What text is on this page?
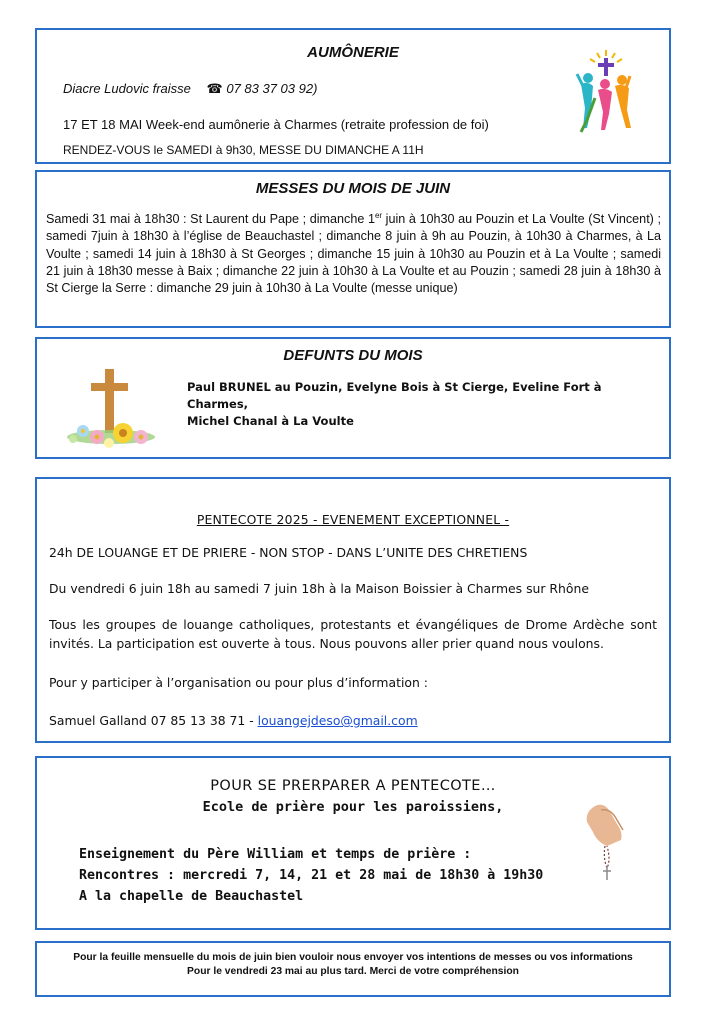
AUMÔNERIE
Diacre Ludovic fraisse ☎ 07 83 37 03 92)
17 ET 18 MAI Week-end aumônerie à Charmes (retraite profession de foi)
RENDEZ-VOUS le SAMEDI à 9h30, MESSE DU DIMANCHE A 11H
MESSES DU MOIS DE JUIN
Samedi 31 mai à 18h30 : St Laurent du Pape ; dimanche 1er juin à 10h30 au Pouzin et La Voulte (St Vincent) ; samedi 7juin à 18h30 à l’église de Beauchastel ; dimanche 8 juin à 9h au Pouzin, à 10h30 à Charmes, à La Voulte ; samedi 14 juin à 18h30 à St Georges ; dimanche 15 juin à 10h30 au Pouzin et à La Voulte ; samedi 21 juin à 18h30 messe à Baix ; dimanche 22 juin à 10h30 à La Voulte et au Pouzin ; samedi 28 juin à 18h30 à St Cierge la Serre : dimanche 29 juin à 10h30 à La Voulte (messe unique)
DEFUNTS DU MOIS
Paul BRUNEL au Pouzin, Evelyne Bois à St Cierge, Eveline Fort à Charmes,
Michel Chanal à La Voulte
PENTECOTE 2025 - EVENEMENT EXCEPTIONNEL -
24h DE LOUANGE ET DE PRIERE - NON STOP - DANS L’UNITE DES CHRETIENS
Du vendredi 6 juin 18h au samedi 7 juin 18h à la Maison Boissier à Charmes sur Rhône
Tous les groupes de louange catholiques, protestants et évangéliques de Drome Ardèche sont invités. La participation est ouverte à tous. Nous pouvons aller prier quand nous voulons.
Pour y participer à l’organisation ou pour plus d’information :
Samuel Galland 07 85 13 38 71 - louangejdeso@gmail.com
POUR SE PRERPARER A PENTECOTE…
Ecole de prière pour les paroissiens,
Enseignement du Père William et temps de prière :
Rencontres : mercredi 7, 14, 21 et 28 mai de 18h30 à 19h30
A la chapelle de Beauchastel
Pour la feuille mensuelle du mois de juin bien vouloir nous envoyer vos intentions de messes ou vos informations
Pour le vendredi 23 mai au plus tard. Merci de votre compréhension
